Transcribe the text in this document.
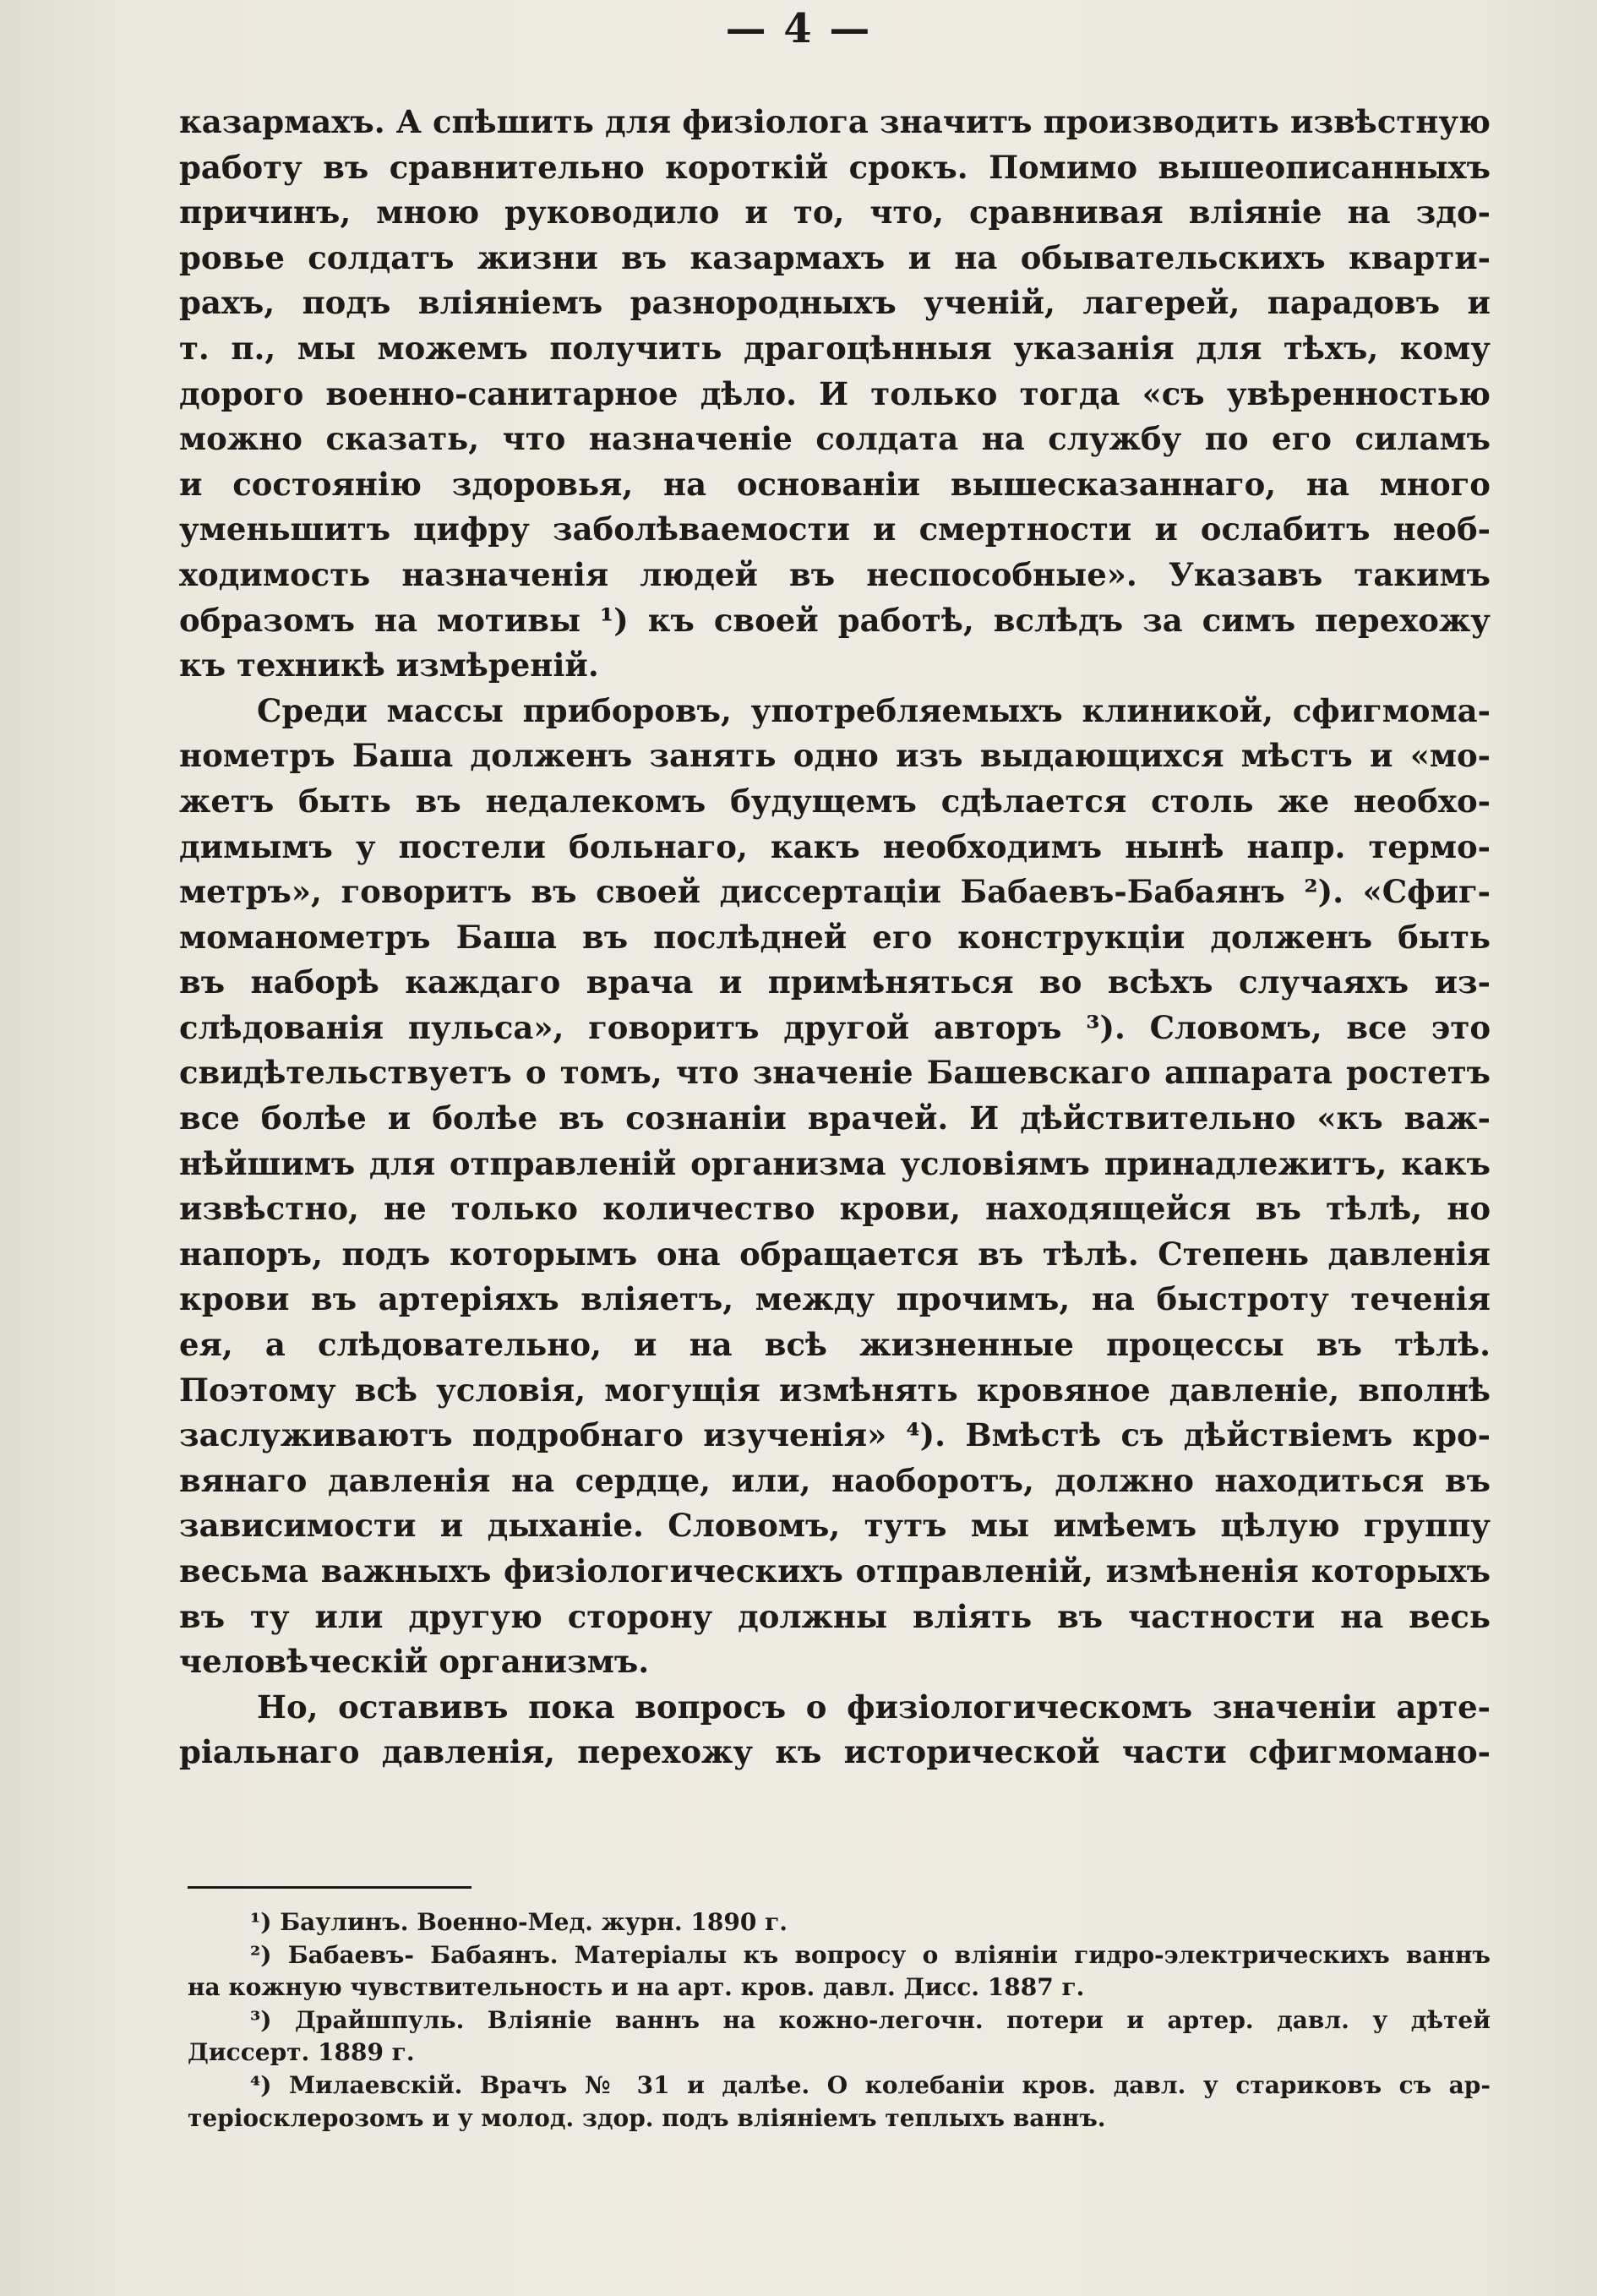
— 4 —
казармахъ. А спѣшить для физiолога значитъ производить извѣстную
работу въ сравнительно короткiй срокъ. Помимо вышеописанныхъ
причинъ, мною руководило и то, что, сравнивая влiянiе на здо-
ровье солдатъ жизни въ казармахъ и на обывательскихъ кварти-
рахъ, подъ влiянiемъ разнородныхъ ученiй, лагерей, парадовъ и
т. п., мы можемъ получить драгоцѣнныя указанiя для тѣхъ, кому
дорого военно-санитарное дѣло. И только тогда «съ увѣренностью
можно сказать, что назначенiе солдата на службу по его силамъ
и состоянiю здоровья, на основанiи вышесказаннаго, на много
уменьшитъ цифру заболѣваемости и смертности и ослабитъ необ-
ходимость назначенiя людей въ неспособные». Указавъ такимъ
образомъ на мотивы ¹) къ своей работѣ, вслѣдъ за симъ перехожу
къ техникѣ измѣренiй.
Среди массы приборовъ, употребляемыхъ клиникой, сфигмома-
нометръ Баша долженъ занять одно изъ выдающихся мѣстъ и «мо-
жетъ быть въ недалекомъ будущемъ сдѣлается столь же необхо-
димымъ у постели больнаго, какъ необходимъ нынѣ напр. термо-
метръ», говоритъ въ своей диссертацiи Бабаевъ-Бабаянъ ²). «Сфиг-
моманометръ Баша въ послѣдней его конструкцiи долженъ быть
въ наборѣ каждаго врача и примѣняться во всѣхъ случаяхъ из-
слѣдованiя пульса», говоритъ другой авторъ ³). Словомъ, все это
свидѣтельствуетъ о томъ, что значенiе Башевскаго аппарата ростетъ
все болѣе и болѣе въ сознанiи врачей. И дѣйствительно «къ важ-
нѣйшимъ для отправленiй организма условiямъ принадлежитъ, какъ
извѣстно, не только количество крови, находящейся въ тѣлѣ, но
напоръ, подъ которымъ она обращается въ тѣлѣ. Степень давленiя
крови въ артерiяхъ влiяетъ, между прочимъ, на быстроту теченiя
ея, а слѣдовательно, и на всѣ жизненные процессы въ тѣлѣ.
Поэтому всѣ условiя, могущiя измѣнять кровяное давленiе, вполнѣ
заслуживаютъ подробнаго изученiя» ⁴). Вмѣстѣ съ дѣйствiемъ кро-
вянаго давленiя на сердце, или, наоборотъ, должно находиться въ
зависимости и дыханiе. Словомъ, тутъ мы имѣемъ цѣлую группу
весьма важныхъ физiологическихъ отправленiй, измѣненiя которыхъ
въ ту или другую сторону должны влiять въ частности на весь
человѣческiй организмъ.
Но, оставивъ пока вопросъ о физiологическомъ значенiи арте-
рiальнаго давленiя, перехожу къ исторической части сфигмомано-
¹) Баулинъ. Военно-Мед. журн. 1890 г.
²) Бабаевъ- Бабаянъ. Матерiалы къ вопросу о влiянiи гидро-электрическихъ ваннъ
на кожную чувствительность и на арт. кров. давл. Дисс. 1887 г.
³) Драйшпуль. Влiянiе ваннъ на кожно-легочн. потери и артер. давл. у дѣтей
Диссерт. 1889 г.
⁴) Милаевскiй. Врачъ № 31 и далѣе. О колебанiи кров. давл. у стариковъ съ ар-
терiосклерозомъ и у молод. здор. подъ влiянiемъ теплыхъ ваннъ.
